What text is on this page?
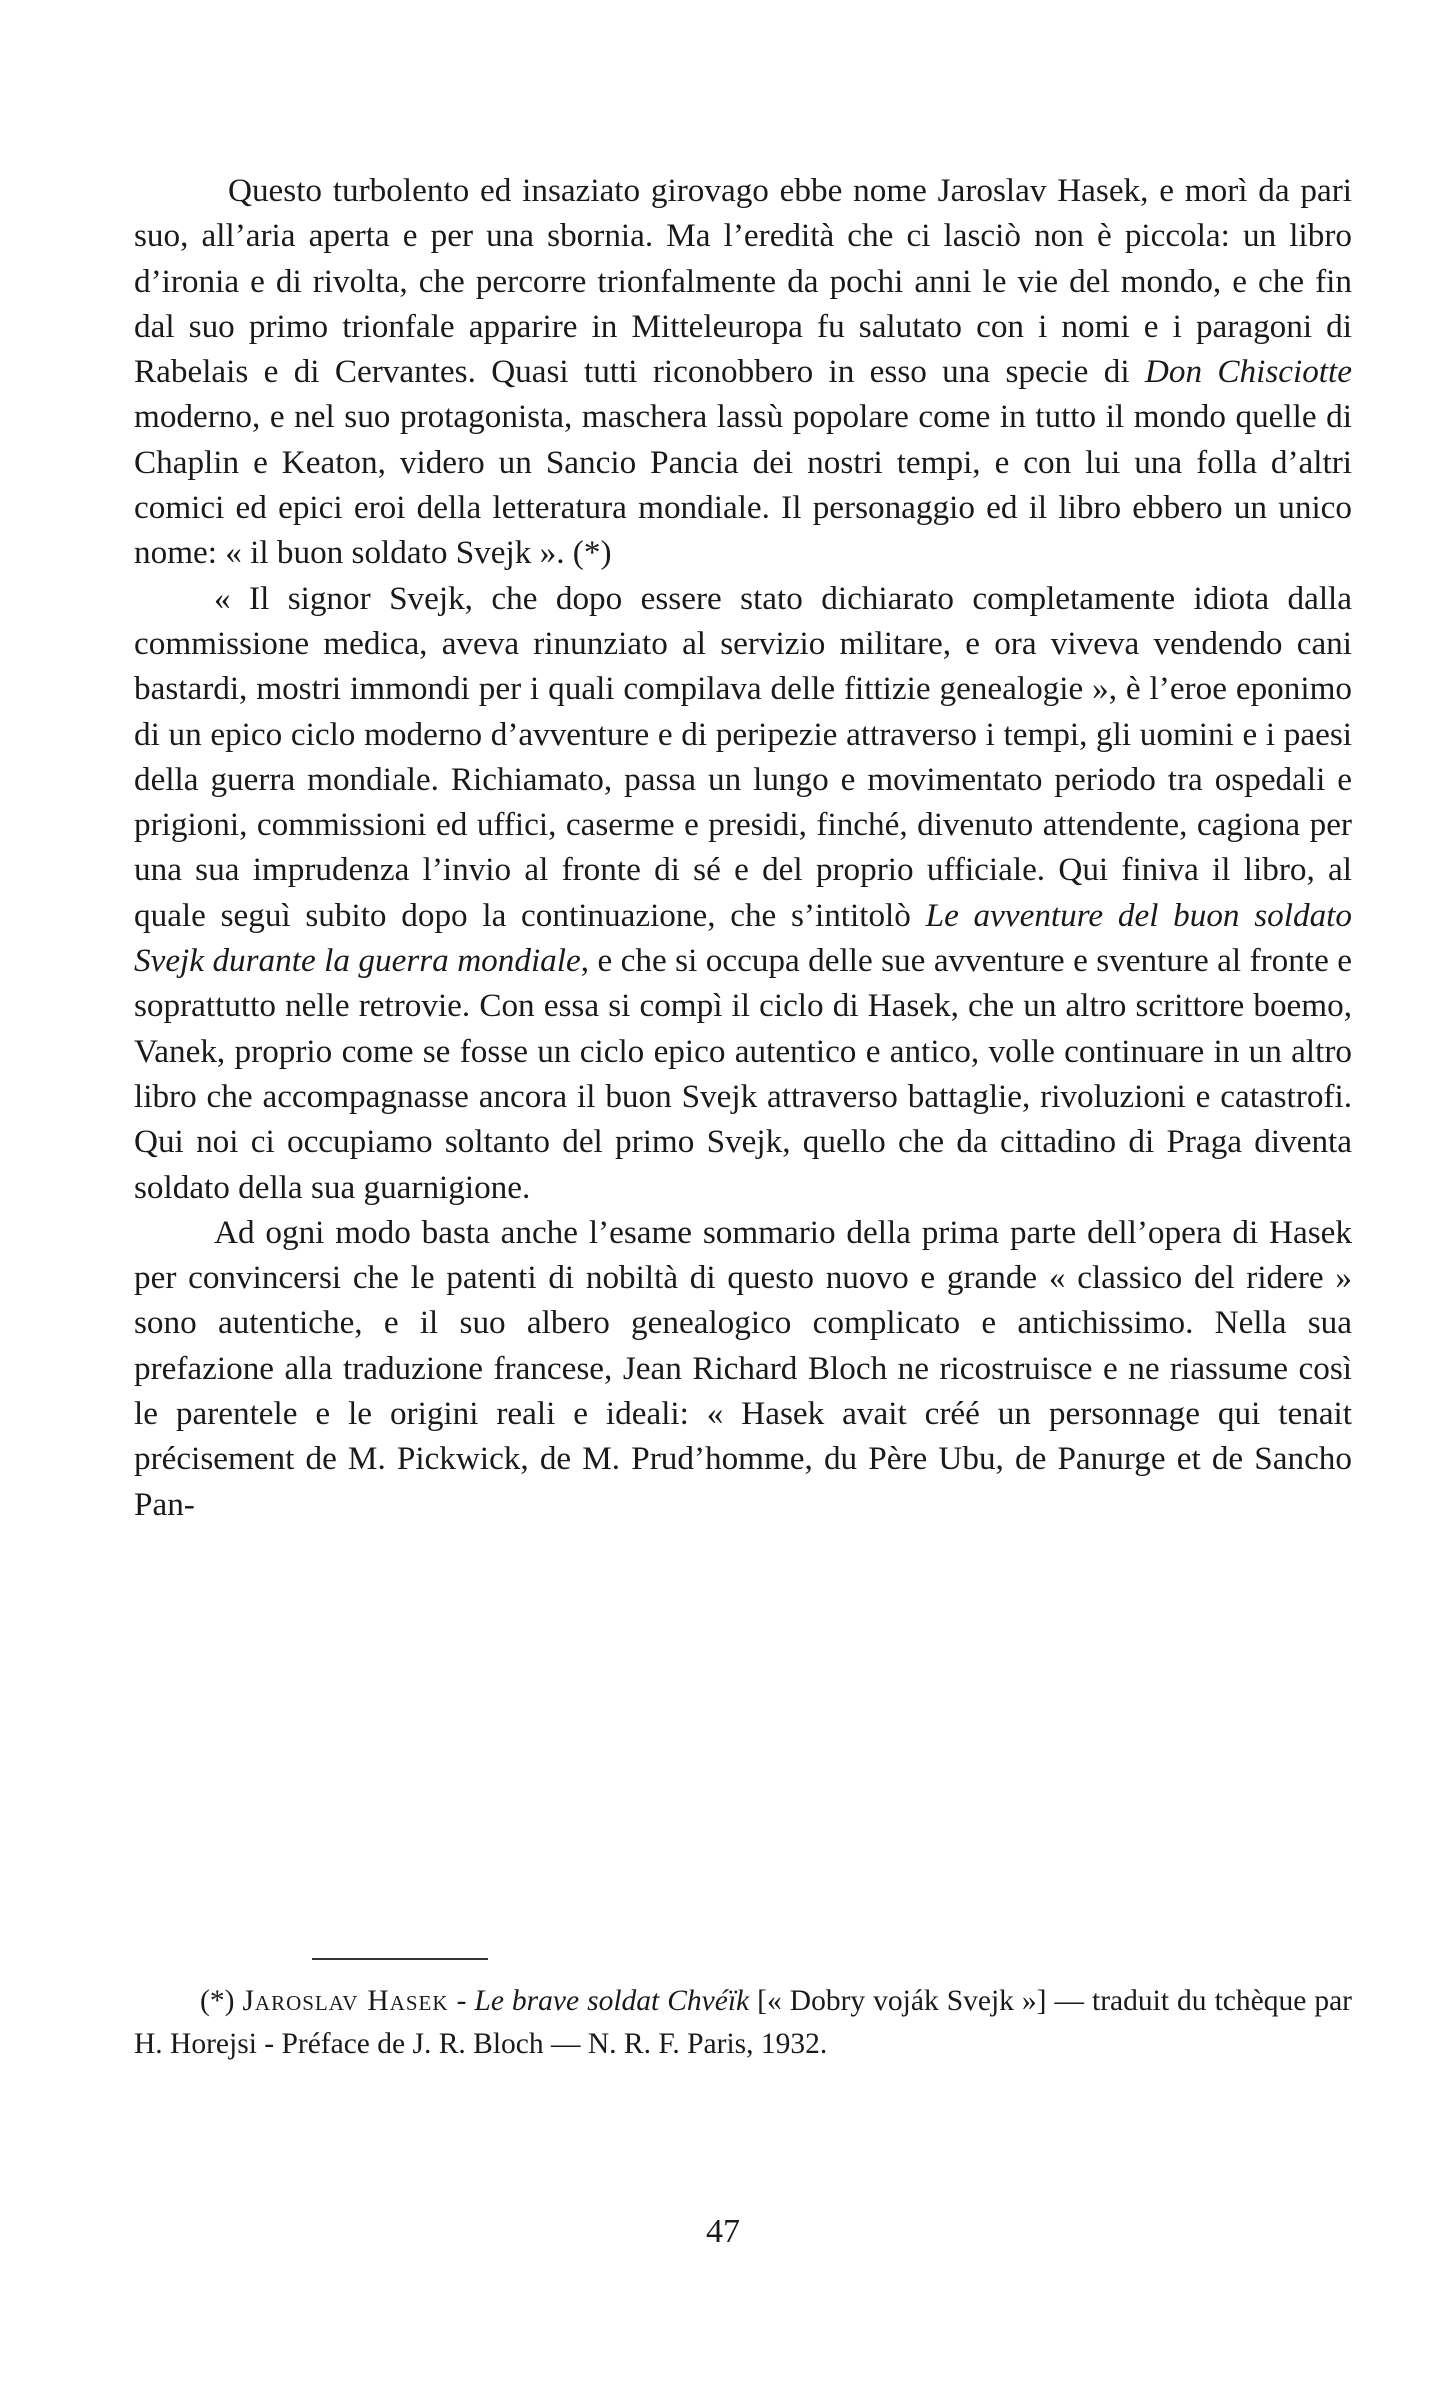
Questo turbolento ed insaziato girovago ebbe nome Jaroslav Hasek, e morì da pari suo, all’aria aperta e per una sbornia. Ma l’eredità che ci lasciò non è piccola: un libro d’ironia e di rivolta, che percorre trionfalmente da pochi anni le vie del mondo, e che fin dal suo primo trionfale apparire in Mitteleuropa fu salutato con i nomi e i paragoni di Rabelais e di Cervantes. Quasi tutti riconobbero in esso una specie di Don Chisciotte moderno, e nel suo protagonista, maschera lassù popolare come in tutto il mondo quelle di Chaplin e Keaton, videro un Sancio Pancia dei nostri tempi, e con lui una folla d’altri comici ed epici eroi della letteratura mondiale. Il personaggio ed il libro ebbero un unico nome: « il buon soldato Svejk ». (*)

« Il signor Svejk, che dopo essere stato dichiarato completamente idiota dalla commissione medica, aveva rinunziato al servizio militare, e ora viveva vendendo cani bastardi, mostri immondi per i quali compilava delle fittizie genealogie », è l’eroe eponimo di un epico ciclo moderno d’avventure e di peripezie attraverso i tempi, gli uomini e i paesi della guerra mondiale. Richiamato, passa un lungo e movimentato periodo tra ospedali e prigioni, commissioni ed uffici, caserme e presidi, finché, divenuto attendente, cagiona per una sua imprudenza l’invio al fronte di sé e del proprio ufficiale. Qui finiva il libro, al quale seguì subito dopo la continuazione, che s’intitolò Le avventure del buon soldato Svejk durante la guerra mondiale, e che si occupa delle sue avventure e sventure al fronte e soprattutto nelle retrovie. Con essa si compì il ciclo di Hasek, che un altro scrittore boemo, Vanek, proprio come se fosse un ciclo epico autentico e antico, volle continuare in un altro libro che accompagnasse ancora il buon Svejk attraverso battaglie, rivoluzioni e catastrofi. Qui noi ci occupiamo soltanto del primo Svejk, quello che da cittadino di Praga diventa soldato della sua guarnigione.

Ad ogni modo basta anche l’esame sommario della prima parte dell’opera di Hasek per convincersi che le patenti di nobiltà di questo nuovo e grande « classico del ridere » sono autentiche, e il suo albero genealogico complicato e antichissimo. Nella sua prefazione alla traduzione francese, Jean Richard Bloch ne ricostruisce e ne riassume così le parentele e le origini reali e ideali: « Hasek avait créé un personnage qui tenait précisement de M. Pickwick, de M. Prud’homme, du Père Ubu, de Panurge et de Sancho Pan-

(*) Jaroslav Hasek - Le brave soldat Chvéïk [« Dobry voják Svejk »] — traduit du tchèque par H. Horejsi - Préface de J. R. Bloch — N. R. F. Paris, 1932.

47
